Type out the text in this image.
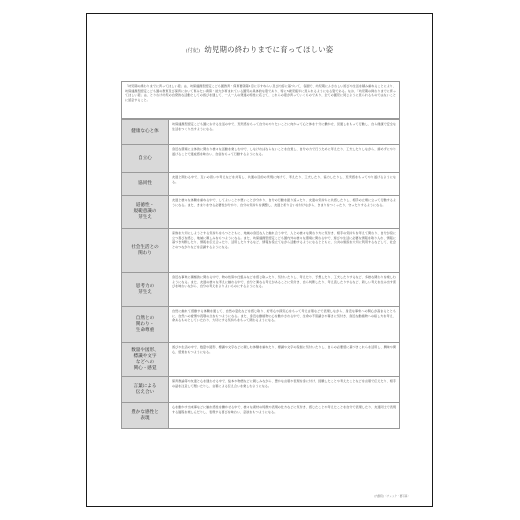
(付紀) 幼児期の終わりまでに育ってほしい姿
「幼児期の終わりまでに育ってほしい姿」は、幼保連携型認定こども園教育・保育要領第1章に示すねらい及び内容に基づいて、各園で、幼児期にふさわしい遊びや生活を積み重ねることにより、幼保連携型認定こども園の教育及び保育において育みたい資質・能力が育まれている園児の具体的な姿であり、特に5歳児後半に見られるようになる姿である。なお、「幼児期の終わりまでに育ってほしい姿」は、とりわけ幼児の自発的な活動としての遊びを通して、一人一人の発達の特性に応じて、これらの姿が育っていくものであり、全ての園児に同じように見られるものではないことに留意すること。
健康な心と体
幼保連携型認定こども園における生活の中で、充実感をもって自分のやりたいことに向かって心と体を十分に働かせ、見通しをもって行動し、自ら健康で安全な生活をつくり出すようになる。
自立心
身近な環境に主体的に関わり様々な活動を楽しむ中で、しなければならないことを自覚し、自分の力で行うために考えたり、工夫したりしながら、諦めずにやり遂げることで達成感を味わい、自信をもって行動するようになる。
協同性
友達と関わる中で、互いの思いや考えなどを共有し、共通の目的の実現に向けて、考えたり、工夫したり、協力したりし、充実感をもってやり遂げるようになる。
道徳性・
規範意識の
芽生え
友達と様々な体験を重ねる中で、してよいことや悪いことが分かり、自分の行動を振り返ったり、友達の気持ちに共感したりし、相手の立場に立って行動するようになる。また、きまりを守る必要性が分かり、自分の気持ちを調整し、友達と折り合いを付けながら、きまりをつくったり、守ったりするようになる。
社会生活との
関わり
家族を大切にしようとする気持ちをもつとともに、地域の身近な人と触れ合う中で、人との様々な関わり方に気付き、相手の気持ちを考えて関わり、自分が役に立つ喜びを感じ、地域に親しみをもつようになる。また、幼保連携型認定こども園内外の様々な環境に関わる中で、遊びや生活に必要な情報を取り入れ、情報に基づき判断したり、情報を伝え合ったり、活用したりするなど、情報を役立てながら活動するようになるとともに、公共の施設を大切に利用するなどして、社会とのつながりなどを意識するようになる。
思考力の
芽生え
身近な事象に積極的に関わる中で、物の性質や仕組みなどを感じ取ったり、気付いたりし、考えたり、予想したり、工夫したりするなど、多様な関わりを楽しむようになる。また、友達の様々な考えに触れる中で、自分と異なる考えがあることに気付き、自ら判断したり、考え直したりするなど、新しい考えを生み出す喜びを味わいながら、自分の考えをよりよいものにするようになる。
自然との
関わり・
生命尊重
自然に触れて感動する体験を通して、自然の変化などを感じ取り、好奇心や探究心をもって考え言葉などで表現しながら、身近な事象への関心が高まるとともに、自然への愛情や畏敬の念をもつようになる。また、身近な動植物に心を動かされる中で、生命の不思議さや尊さに気付き、身近な動植物への接し方を考え、命あるものとしていたわり、大切にする気持ちをもって関わるようになる。
数量や図形、
標識や文字
などへの
関心・感覚
遊びや生活の中で、数量や図形、標識や文字などに親しむ体験を重ねたり、標識や文字の役割に気付いたりし、自らの必要感に基づきこれらを活用し、興味や関心、感覚をもつようになる。
言葉による
伝え合い
保育教諭等や友達と心を通わせる中で、絵本や物語などに親しみながら、豊かな言葉や表現を身に付け、経験したことや考えたことなどを言葉で伝えたり、相手の話を注意して聞いたりし、言葉による伝え合いを楽しむようになる。
豊かな感性と
表現
心を動かす出来事などに触れ感性を働かせる中で、様々な素材の特徴や表現の仕方などに気付き、感じたことや考えたことを自分で表現したり、友達同士で表現する過程を楽しんだりし、表現する喜びを味わい、意欲をもつようになる。
(内閣府)（チェック・要写真）
